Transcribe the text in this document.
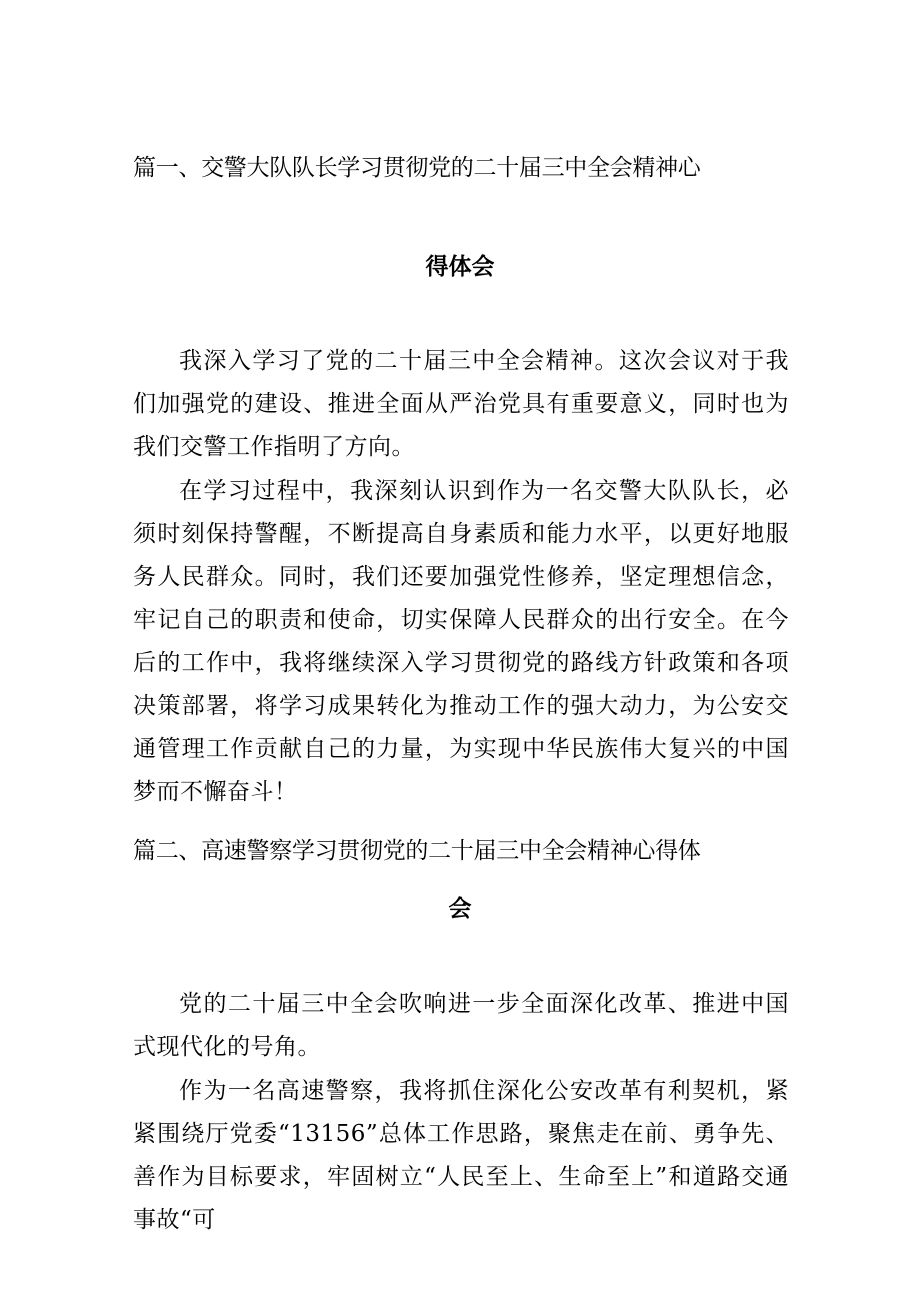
篇一、交警大队队长学习贯彻党的二十届三中全会精神心
得体会

我深入学习了党的二十届三中全会精神。这次会议对于我们加强党的建设、推进全面从严治党具有重要意义，同时也为我们交警工作指明了方向。

在学习过程中，我深刻认识到作为一名交警大队队长，必须时刻保持警醒，不断提高自身素质和能力水平，以更好地服务人民群众。同时，我们还要加强党性修养，坚定理想信念，牢记自己的职责和使命，切实保障人民群众的出行安全。在今后的工作中，我将继续深入学习贯彻党的路线方针政策和各项决策部署，将学习成果转化为推动工作的强大动力，为公安交通管理工作贡献自己的力量，为实现中华民族伟大复兴的中国梦而不懈奋斗！

篇二、高速警察学习贯彻党的二十届三中全会精神心得体
会

党的二十届三中全会吹响进一步全面深化改革、推进中国式现代化的号角。

作为一名高速警察，我将抓住深化公安改革有利契机，紧紧围绕厅党委“13156”总体工作思路，聚焦走在前、勇争先、善作为目标要求，牢固树立“人民至上、生命至上”和道路交通事故“可
